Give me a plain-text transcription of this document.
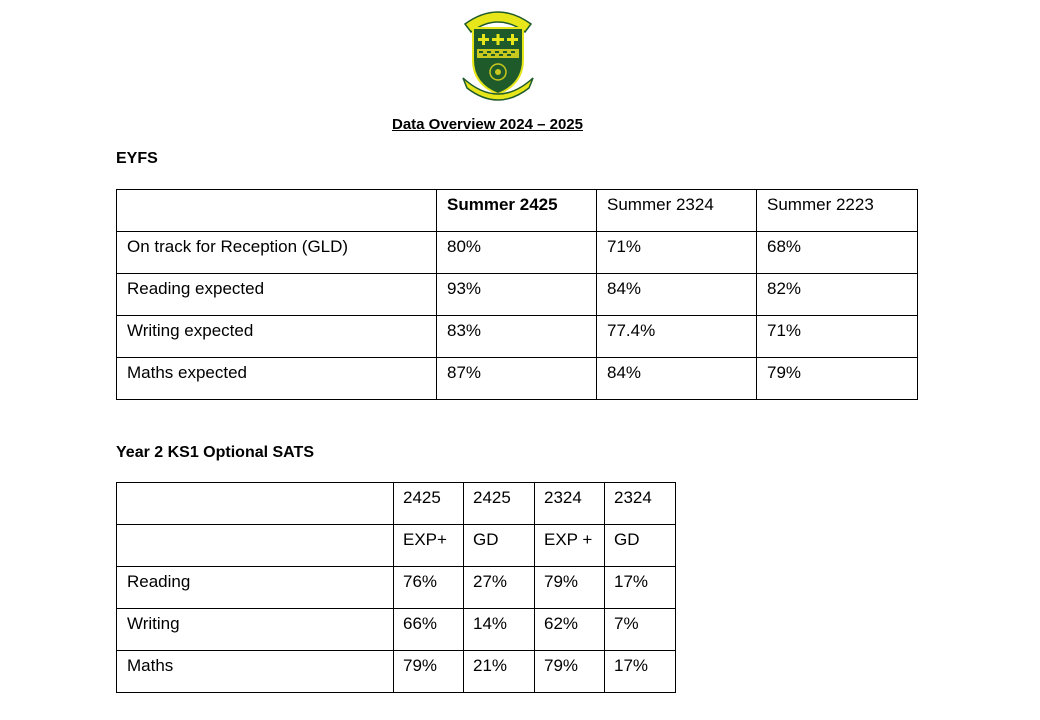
Data Overview 2024 – 2025
EYFS
	Summer 2425	Summer 2324	Summer 2223
On track for Reception (GLD)	80%	71%	68%
Reading expected	93%	84%	82%
Writing expected	83%	77.4%	71%
Maths expected	87%	84%	79%
Year 2 KS1 Optional SATS
	2425	2425	2324	2324
	EXP+	GD	EXP +	GD
Reading	76%	27%	79%	17%
Writing	66%	14%	62%	7%
Maths	79%	21%	79%	17%
